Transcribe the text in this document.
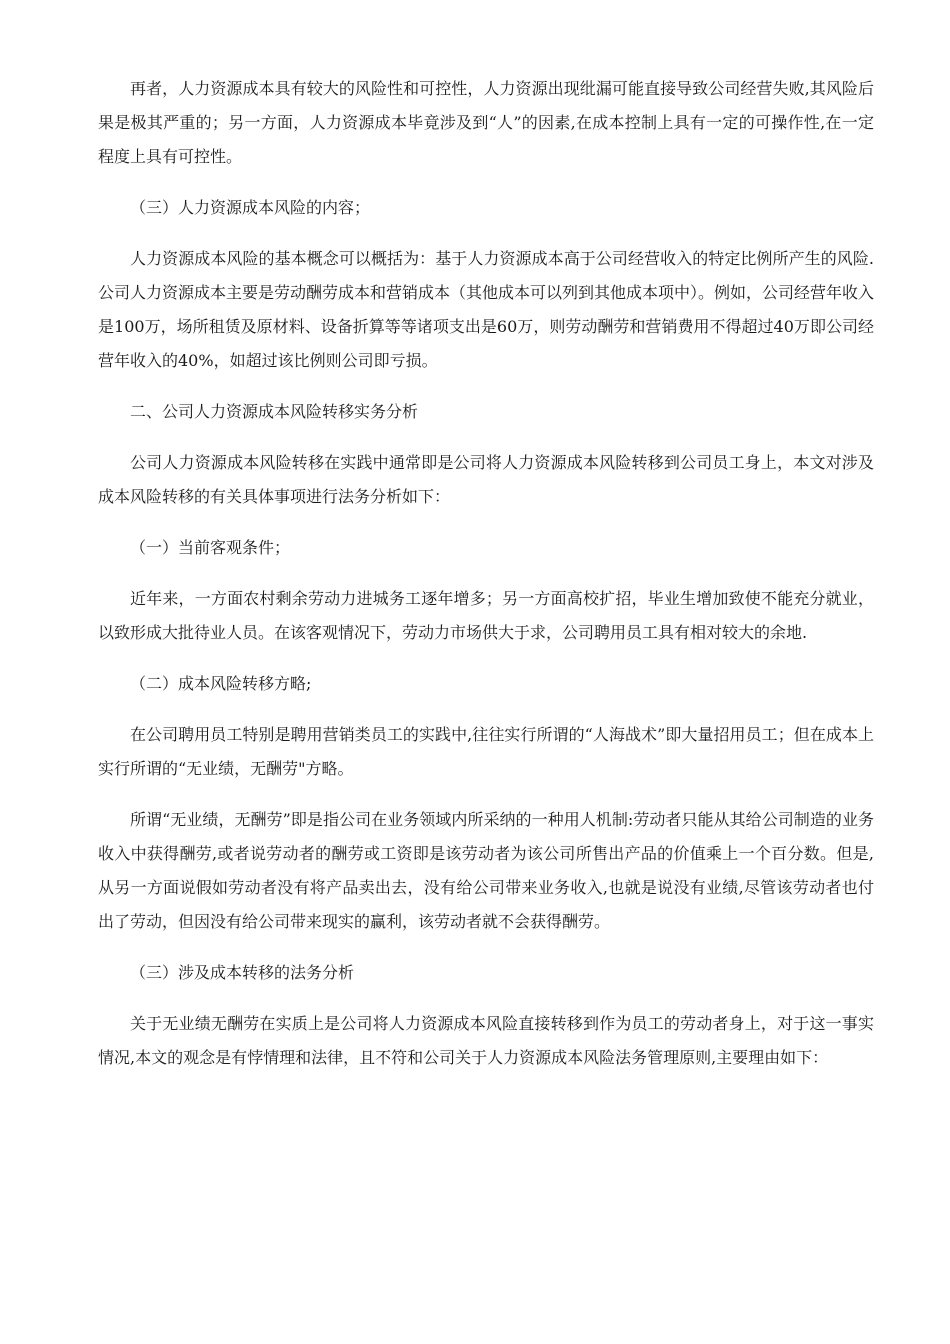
再者，人力资源成本具有较大的风险性和可控性，人力资源出现纰漏可能直接导致公司经营失败,其风险后果是极其严重的；另一方面，人力资源成本毕竟涉及到“人”的因素,在成本控制上具有一定的可操作性,在一定程度上具有可控性。

（三）人力资源成本风险的内容；

人力资源成本风险的基本概念可以概括为：基于人力资源成本高于公司经营收入的特定比例所产生的风险.公司人力资源成本主要是劳动酬劳成本和营销成本（其他成本可以列到其他成本项中）。例如，公司经营年收入是100万，场所租赁及原材料、设备折算等等诸项支出是60万，则劳动酬劳和营销费用不得超过40万即公司经营年收入的40%，如超过该比例则公司即亏损。

二、公司人力资源成本风险转移实务分析

公司人力资源成本风险转移在实践中通常即是公司将人力资源成本风险转移到公司员工身上，本文对涉及成本风险转移的有关具体事项进行法务分析如下：

（一）当前客观条件；

近年来，一方面农村剩余劳动力进城务工逐年增多；另一方面高校扩招，毕业生增加致使不能充分就业，以致形成大批待业人员。在该客观情况下，劳动力市场供大于求，公司聘用员工具有相对较大的余地.

（二）成本风险转移方略;

在公司聘用员工特别是聘用营销类员工的实践中,往往实行所谓的“人海战术”即大量招用员工；但在成本上实行所谓的“无业绩，无酬劳"方略。

所谓“无业绩，无酬劳”即是指公司在业务领域内所采纳的一种用人机制:劳动者只能从其给公司制造的业务收入中获得酬劳,或者说劳动者的酬劳或工资即是该劳动者为该公司所售出产品的价值乘上一个百分数。但是,从另一方面说假如劳动者没有将产品卖出去，没有给公司带来业务收入,也就是说没有业绩,尽管该劳动者也付出了劳动，但因没有给公司带来现实的赢利，该劳动者就不会获得酬劳。

（三）涉及成本转移的法务分析

关于无业绩无酬劳在实质上是公司将人力资源成本风险直接转移到作为员工的劳动者身上，对于这一事实情况,本文的观念是有悖情理和法律，且不符和公司关于人力资源成本风险法务管理原则,主要理由如下：
